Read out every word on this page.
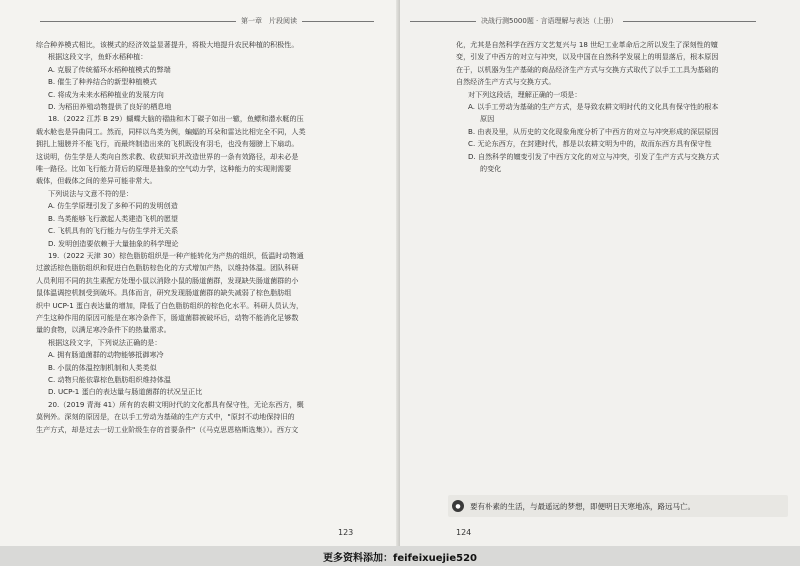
第一章　片段阅读

综合种养模式相比，该模式的经济效益显著提升，将极大地提升农民种植的积极性。

根据这段文字，鱼虾水稻种植：

A. 克服了传统循环水稻种植模式的弊端

B. 催生了种养结合的新型种植模式

C. 将成为未来水稻种植业的发展方向

D. 为稻田养殖动物提供了良好的栖息地

18.（2022 江苏 B 29）蝴蝶大脑的褶曲和木丁碳子如出一辙，鱼鳔和潜水艇的压

载水舱也是异曲同工。然而，同样以鸟类为例，蝙蝠的耳朵和雷达比相完全不同，人类

拥扎上翅膀并不能飞行，而最终制造出来的飞机既没有羽毛，也没有翅膀上下扇动。

这说明，仿生学是人类向自然求教、收获知识并改造世界的一条有效路径，却未必是

唯一路径。比如飞行能力背后的原理是抽象的空气动力学，这种能力的实现则需要

载体，但载体之间的差异可能非常大。

下列说法与文意不符的是：

A. 仿生学原理引发了多种不同的发明创造

B. 鸟类能够飞行激起人类建造飞机的愿望

C. 飞机具有的飞行能力与仿生学并无关系

D. 发明创造要依赖于大量抽象的科学理论

19.（2022 天津 30）棕色脂肪组织是一种产能转化为产热的组织，低温时动物通

过激活棕色脂肪组织和促进白色脂肪棕色化的方式增加产热，以维持体温。团队科研

人员利用不同的抗生素配方处理小鼠以消除小鼠的肠道菌群，发现缺失肠道菌群的小

鼠体温调控机制受到破坏。具体而言，研究发现肠道菌群的缺失减弱了棕色脂肪组

织中 UCP-1 蛋白表达量的增加，降低了白色脂肪组织的棕色化水平。科研人员认为，

产生这种作用的原因可能是在寒冷条件下，肠道菌群被破坏后，动物不能消化足够数

量的食物，以满足寒冷条件下的热量需求。

根据这段文字，下列说法正确的是：

A. 拥有肠道菌群的动物能够抵御寒冷

B. 小鼠的体温控制机制和人类类似

C. 动物只能依靠棕色脂肪组织维持体温

D. UCP-1 蛋白的表达量与肠道菌群的状况呈正比

20.（2019 青海 41）所有的农耕文明时代的文化都具有保守性，无论东西方，概

莫例外。深刻的原因是，在以手工劳动为基础的生产方式中，"原封不动地保持旧的

生产方式，却是过去一切工业阶级生存的首要条件"（《马克思恩格斯选集》）。西方文

123
决战行测5000题 · 言语理解与表达（上册）

化，尤其是自然科学在西方文艺复兴与 18 世纪工业革命后之所以发生了深刻性的嬗

变，引发了中西方的对立与冲突，以及中国在自然科学发展上的明显落后，根本原因

在于，以机器为生产基础的商品经济生产方式与交换方式取代了以手工工具为基础的

自然经济生产方式与交换方式。

对下列这段话，理解正确的一项是：

A. 以手工劳动为基础的生产方式，是导致农耕文明时代的文化具有保守性的根本

原因

B. 由表及里，从历史的文化现象角度分析了中西方的对立与冲突形成的深层原因

C. 无论东西方，在封建时代，都是以农耕文明为中的，故而东西方具有保守性

D. 自然科学的嬗变引发了中西方文化的对立与冲突，引发了生产方式与交换方式

的变化

124
●	要有朴素的生活，与最遥远的梦想，即便明日天寒地冻，路远马亡。
更多资料添加：feifeixuejie520
